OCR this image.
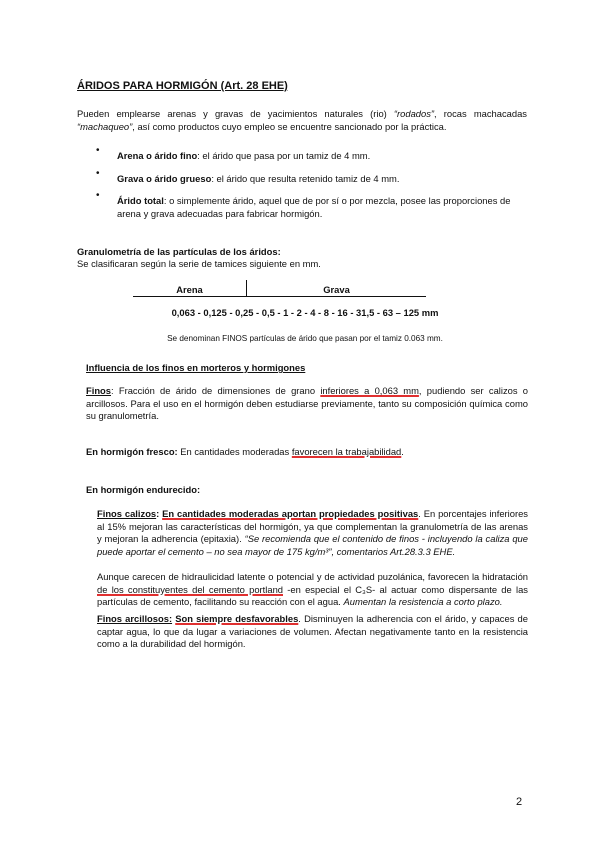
ÁRIDOS PARA HORMIGÓN (Art. 28 EHE)
Pueden emplearse arenas y gravas de yacimientos naturales (rio) “rodados”, rocas machacadas “machaqueo”, así como productos cuyo empleo se encuentre sancionado por la práctica.
• Arena o árido fino: el árido que pasa por un tamiz de 4 mm.
• Grava o árido grueso: el árido que resulta retenido tamiz de 4 mm.
• Árido total: o simplemente árido, aquel que de por sí o por mezcla, posee las proporciones de arena y grava adecuadas para fabricar hormigón.
Granulometría de las partículas de los áridos:
Se clasificaran según la serie de tamices siguiente en mm.
Arena	Grava
0,063 - 0,125 - 0,25 - 0,5 - 1 - 2 - 4 - 8 - 16 - 31,5 - 63 – 125 mm
Se denominan FINOS partículas de árido que pasan por el tamiz 0.063 mm.
Influencia de los finos en morteros y hormigones
Finos: Fracción de árido de dimensiones de grano inferiores a 0,063 mm, pudiendo ser calizos o arcillosos. Para el uso en el hormigón deben estudiarse previamente, tanto su composición química como su granulometría.
En hormigón fresco: En cantidades moderadas favorecen la trabajabilidad.
En hormigón endurecido:
Finos calizos: En cantidades moderadas aportan propiedades positivas. En porcentajes inferiores al 15% mejoran las características del hormigón, ya que complementan la granulometría de las arenas y mejoran la adherencia (epitaxia). “Se recomienda que el contenido de finos - incluyendo la caliza que puede aportar el cemento – no sea mayor de 175 kg/m³”, comentarios Art.28.3.3 EHE.
Aunque carecen de hidraulicidad latente o potencial y de actividad puzolánica, favorecen la hidratación de los constituyentes del cemento portland -en especial el C₃S- al actuar como dispersante de las partículas de cemento, facilitando su reacción con el agua. Aumentan la resistencia a corto plazo.
Finos arcillosos: Son siempre desfavorables. Disminuyen la adherencia con el árido, y capaces de captar agua, lo que da lugar a variaciones de volumen. Afectan negativamente tanto en la resistencia como a la durabilidad del hormigón.
2
